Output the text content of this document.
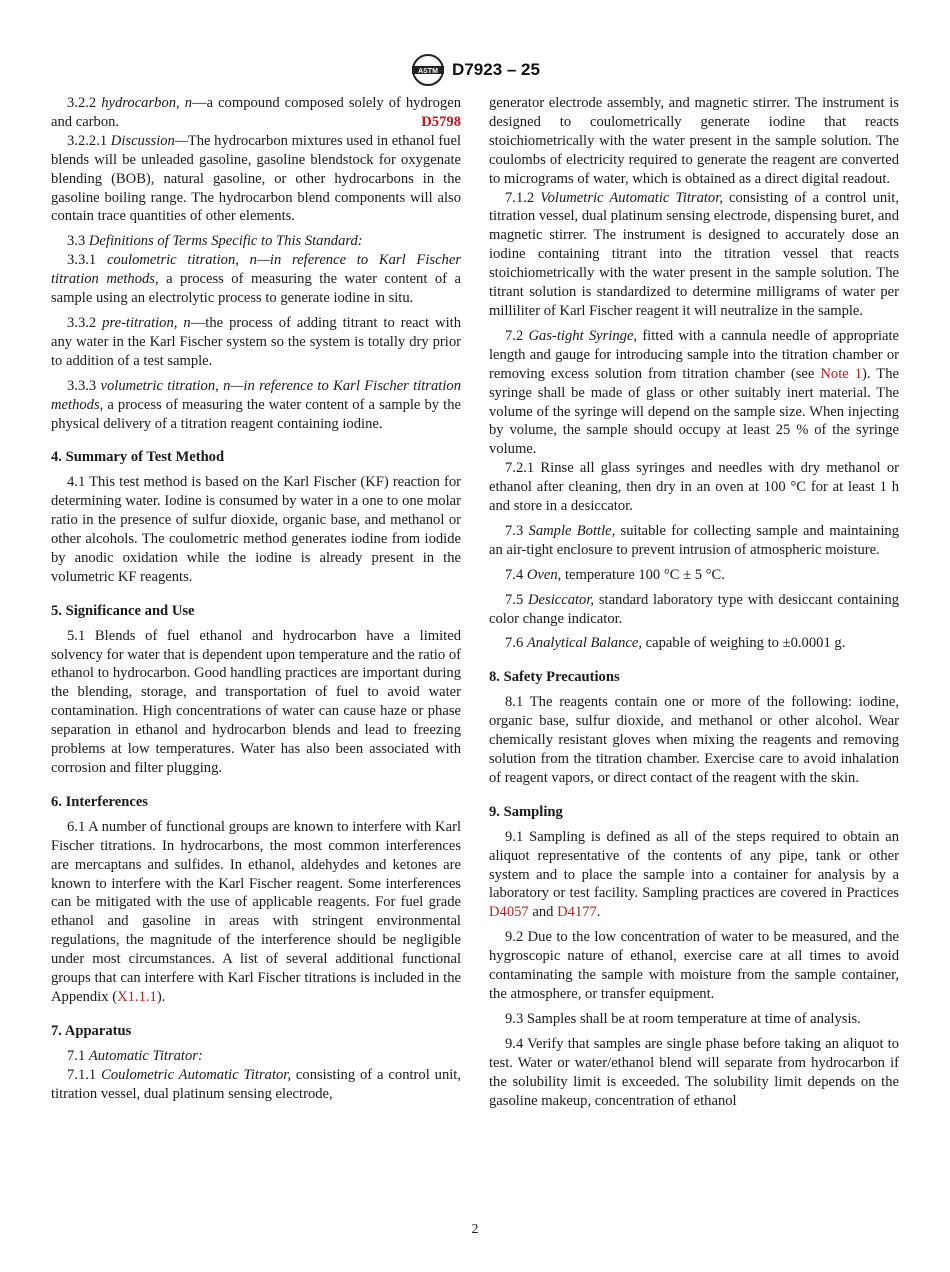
ASTM D7923 – 25

3.2.2 hydrocarbon, n—a compound composed solely of hydrogen and carbon.	D5798

3.2.2.1 Discussion—The hydrocarbon mixtures used in ethanol fuel blends will be unleaded gasoline, gasoline blendstock for oxygenate blending (BOB), natural gasoline, or other hydrocarbons in the gasoline boiling range. The hydrocarbon blend components will also contain trace quantities of other elements.

3.3 Definitions of Terms Specific to This Standard:

3.3.1 coulometric titration, n—in reference to Karl Fischer titration methods, a process of measuring the water content of a sample using an electrolytic process to generate iodine in situ.

3.3.2 pre-titration, n—the process of adding titrant to react with any water in the Karl Fischer system so the system is totally dry prior to addition of a test sample.

3.3.3 volumetric titration, n—in reference to Karl Fischer titration methods, a process of measuring the water content of a sample by the physical delivery of a titration reagent containing iodine.

4. Summary of Test Method

4.1 This test method is based on the Karl Fischer (KF) reaction for determining water. Iodine is consumed by water in a one to one molar ratio in the presence of sulfur dioxide, organic base, and methanol or other alcohols. The coulometric method generates iodine from iodide by anodic oxidation while the iodine is already present in the volumetric KF reagents.

5. Significance and Use

5.1 Blends of fuel ethanol and hydrocarbon have a limited solvency for water that is dependent upon temperature and the ratio of ethanol to hydrocarbon. Good handling practices are important during the blending, storage, and transportation of fuel to avoid water contamination. High concentrations of water can cause haze or phase separation in ethanol and hydrocarbon blends and lead to freezing problems at low temperatures. Water has also been associated with corrosion and filter plugging.

6. Interferences

6.1 A number of functional groups are known to interfere with Karl Fischer titrations. In hydrocarbons, the most common interferences are mercaptans and sulfides. In ethanol, aldehydes and ketones are known to interfere with the Karl Fischer reagent. Some interferences can be mitigated with the use of applicable reagents. For fuel grade ethanol and gasoline in areas with stringent environmental regulations, the magnitude of the interference should be negligible under most circumstances. A list of several additional functional groups that can interfere with Karl Fischer titrations is included in the Appendix (X1.1.1).

7. Apparatus

7.1 Automatic Titrator:

7.1.1 Coulometric Automatic Titrator, consisting of a control unit, titration vessel, dual platinum sensing electrode,

generator electrode assembly, and magnetic stirrer. The instrument is designed to coulometrically generate iodine that reacts stoichiometrically with the water present in the sample solution. The coulombs of electricity required to generate the reagent are converted to micrograms of water, which is obtained as a direct digital readout.

7.1.2 Volumetric Automatic Titrator, consisting of a control unit, titration vessel, dual platinum sensing electrode, dispensing buret, and magnetic stirrer. The instrument is designed to accurately dose an iodine containing titrant into the titration vessel that reacts stoichiometrically with the water present in the sample solution. The titrant solution is standardized to determine milligrams of water per milliliter of Karl Fischer reagent it will neutralize in the sample.

7.2 Gas-tight Syringe, fitted with a cannula needle of appropriate length and gauge for introducing sample into the titration chamber or removing excess solution from titration chamber (see Note 1). The syringe shall be made of glass or other suitably inert material. The volume of the syringe will depend on the sample size. When injecting by volume, the sample should occupy at least 25 % of the syringe volume.

7.2.1 Rinse all glass syringes and needles with dry methanol or ethanol after cleaning, then dry in an oven at 100 °C for at least 1 h and store in a desiccator.

7.3 Sample Bottle, suitable for collecting sample and maintaining an air-tight enclosure to prevent intrusion of atmospheric moisture.

7.4 Oven, temperature 100 °C ± 5 °C.

7.5 Desiccator, standard laboratory type with desiccant containing color change indicator.

7.6 Analytical Balance, capable of weighing to ±0.0001 g.

8. Safety Precautions

8.1 The reagents contain one or more of the following: iodine, organic base, sulfur dioxide, and methanol or other alcohol. Wear chemically resistant gloves when mixing the reagents and removing solution from the titration chamber. Exercise care to avoid inhalation of reagent vapors, or direct contact of the reagent with the skin.

9. Sampling

9.1 Sampling is defined as all of the steps required to obtain an aliquot representative of the contents of any pipe, tank or other system and to place the sample into a container for analysis by a laboratory or test facility. Sampling practices are covered in Practices D4057 and D4177.

9.2 Due to the low concentration of water to be measured, and the hygroscopic nature of ethanol, exercise care at all times to avoid contaminating the sample with moisture from the sample container, the atmosphere, or transfer equipment.

9.3 Samples shall be at room temperature at time of analysis.

9.4 Verify that samples are single phase before taking an aliquot to test. Water or water/ethanol blend will separate from hydrocarbon if the solubility limit is exceeded. The solubility limit depends on the gasoline makeup, concentration of ethanol

2
